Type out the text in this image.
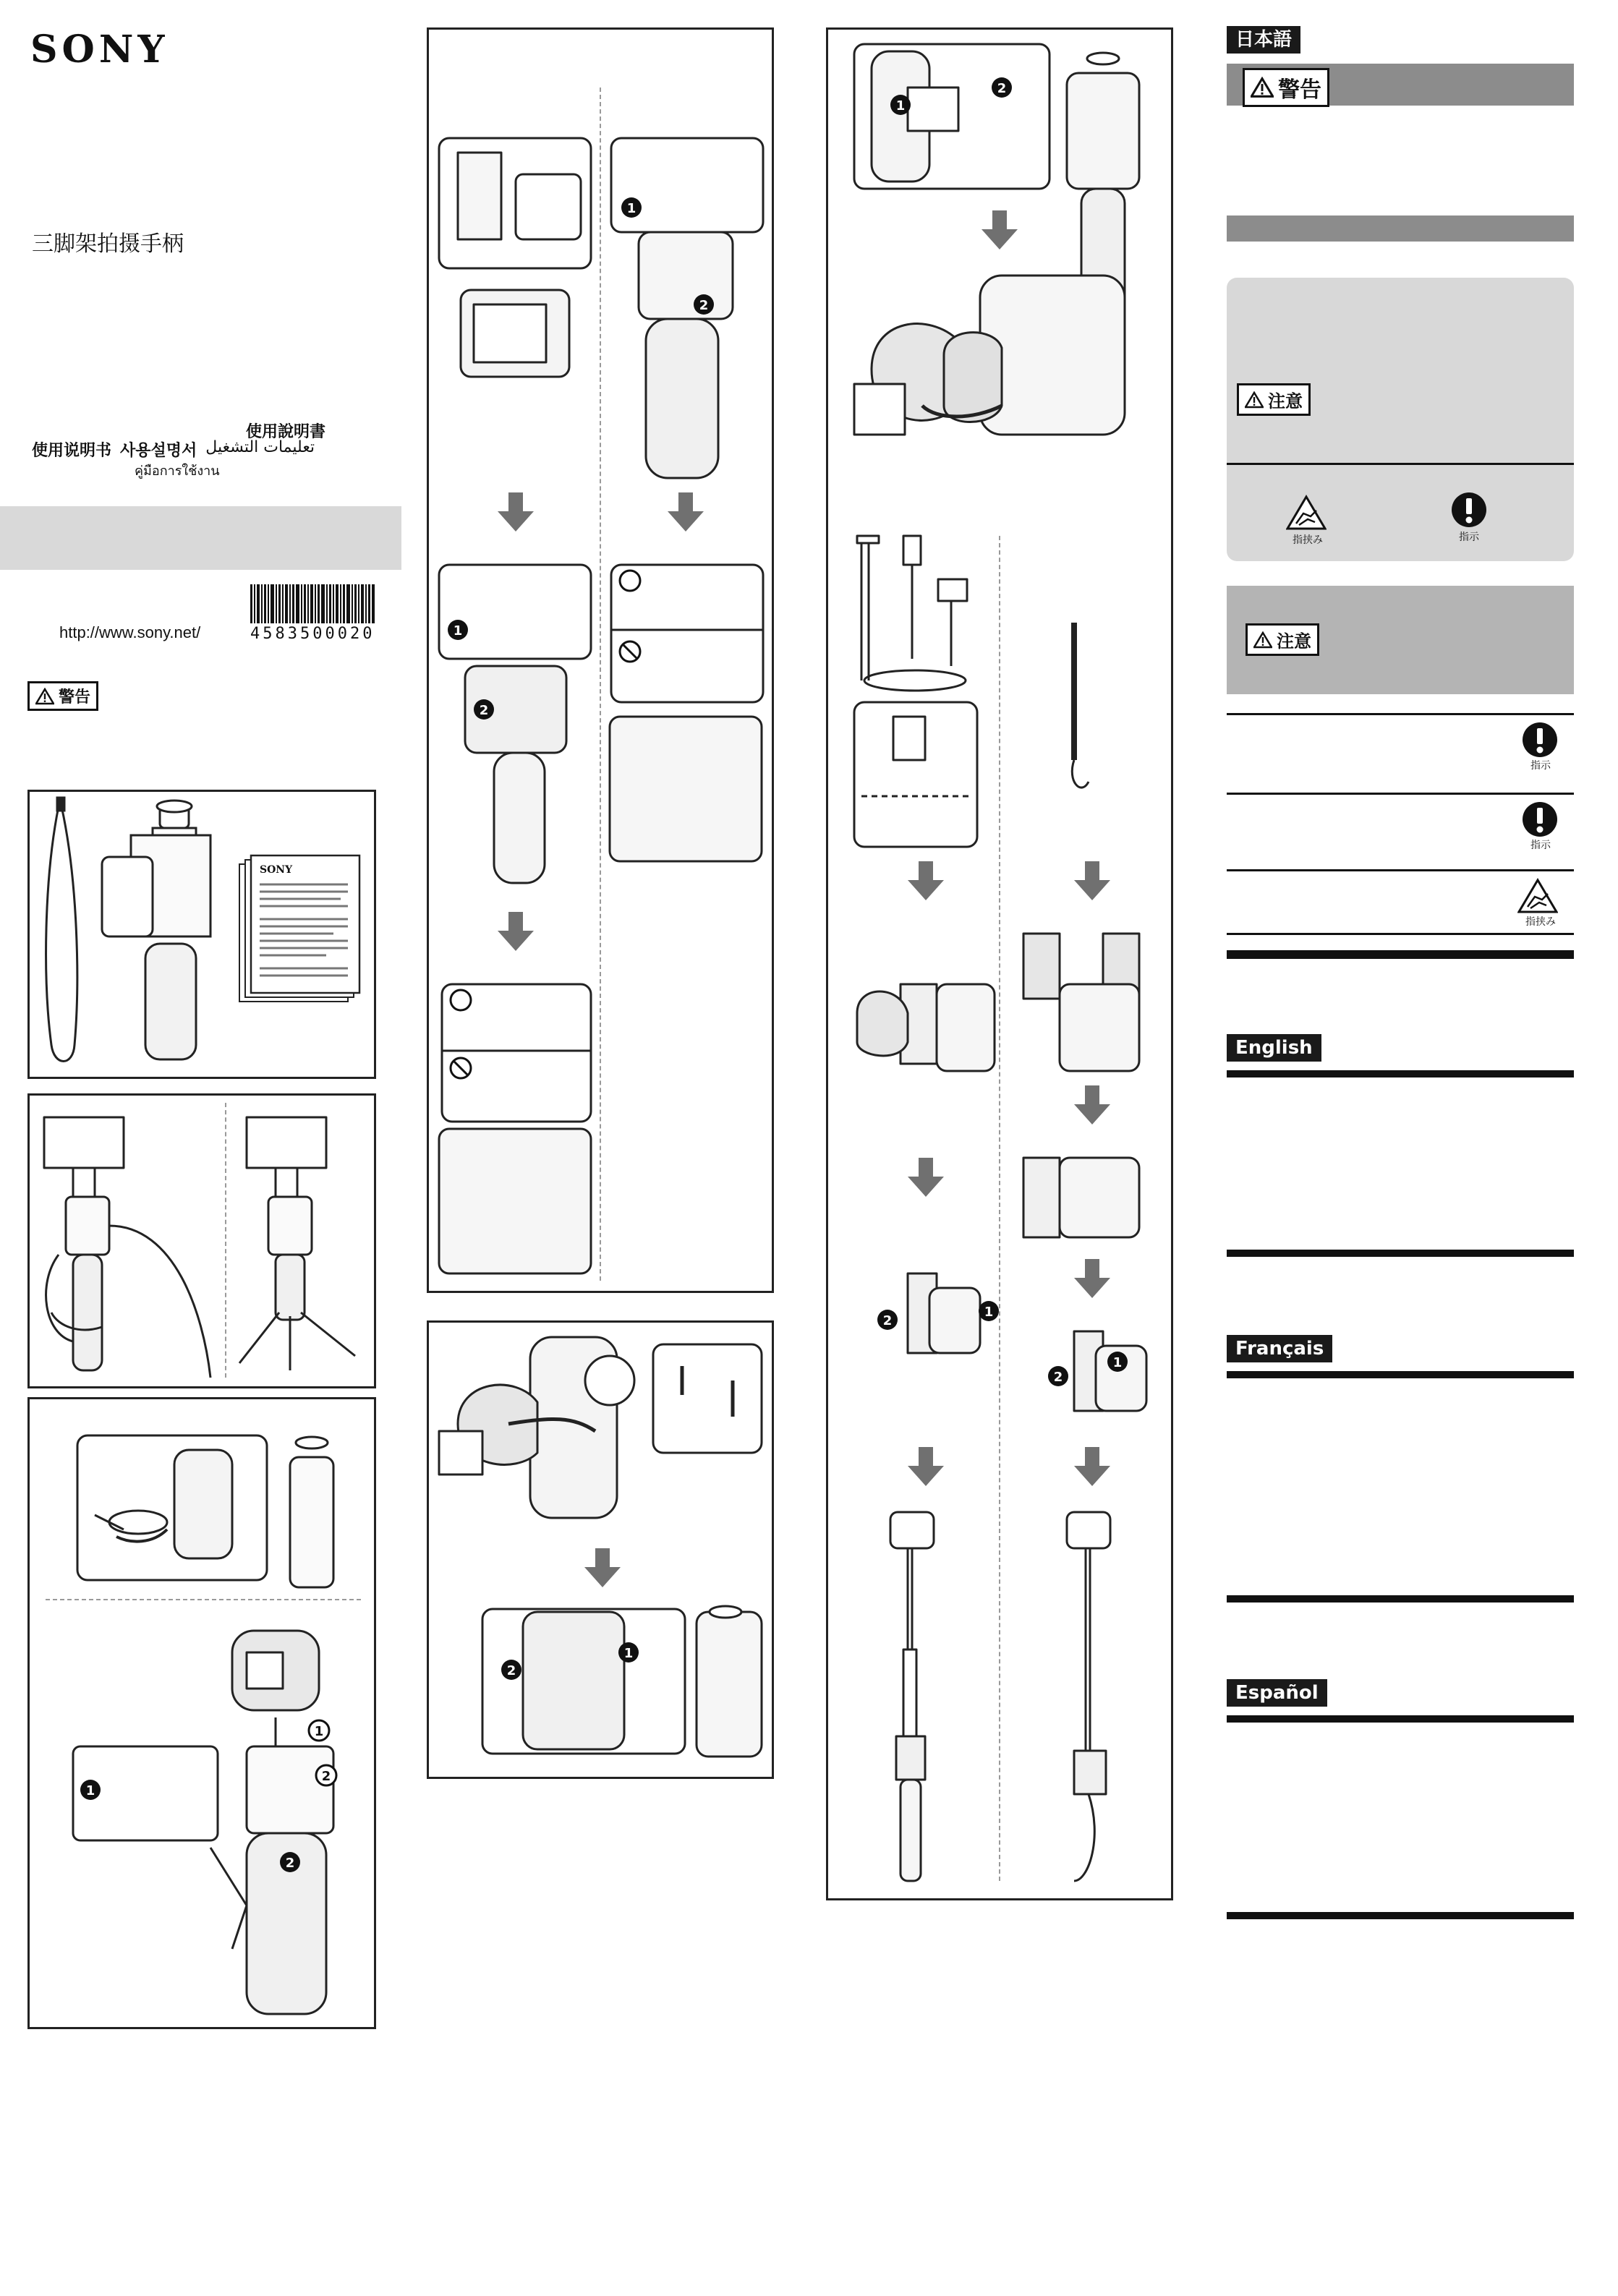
SONY
三脚架拍摄手柄
使用說明書
使用说明书 사용설명서 تعليمات التشغيل
คู่มือการใช้งาน
http://www.sony.net/	4583500020
警告
SONY
1
2
1
2
1
2
1
2
1
2
1
2
1
2
1
2
日本語
警告
注意
指挟み	指示
注意
指示
指示
指挟み
English
Français
Español
